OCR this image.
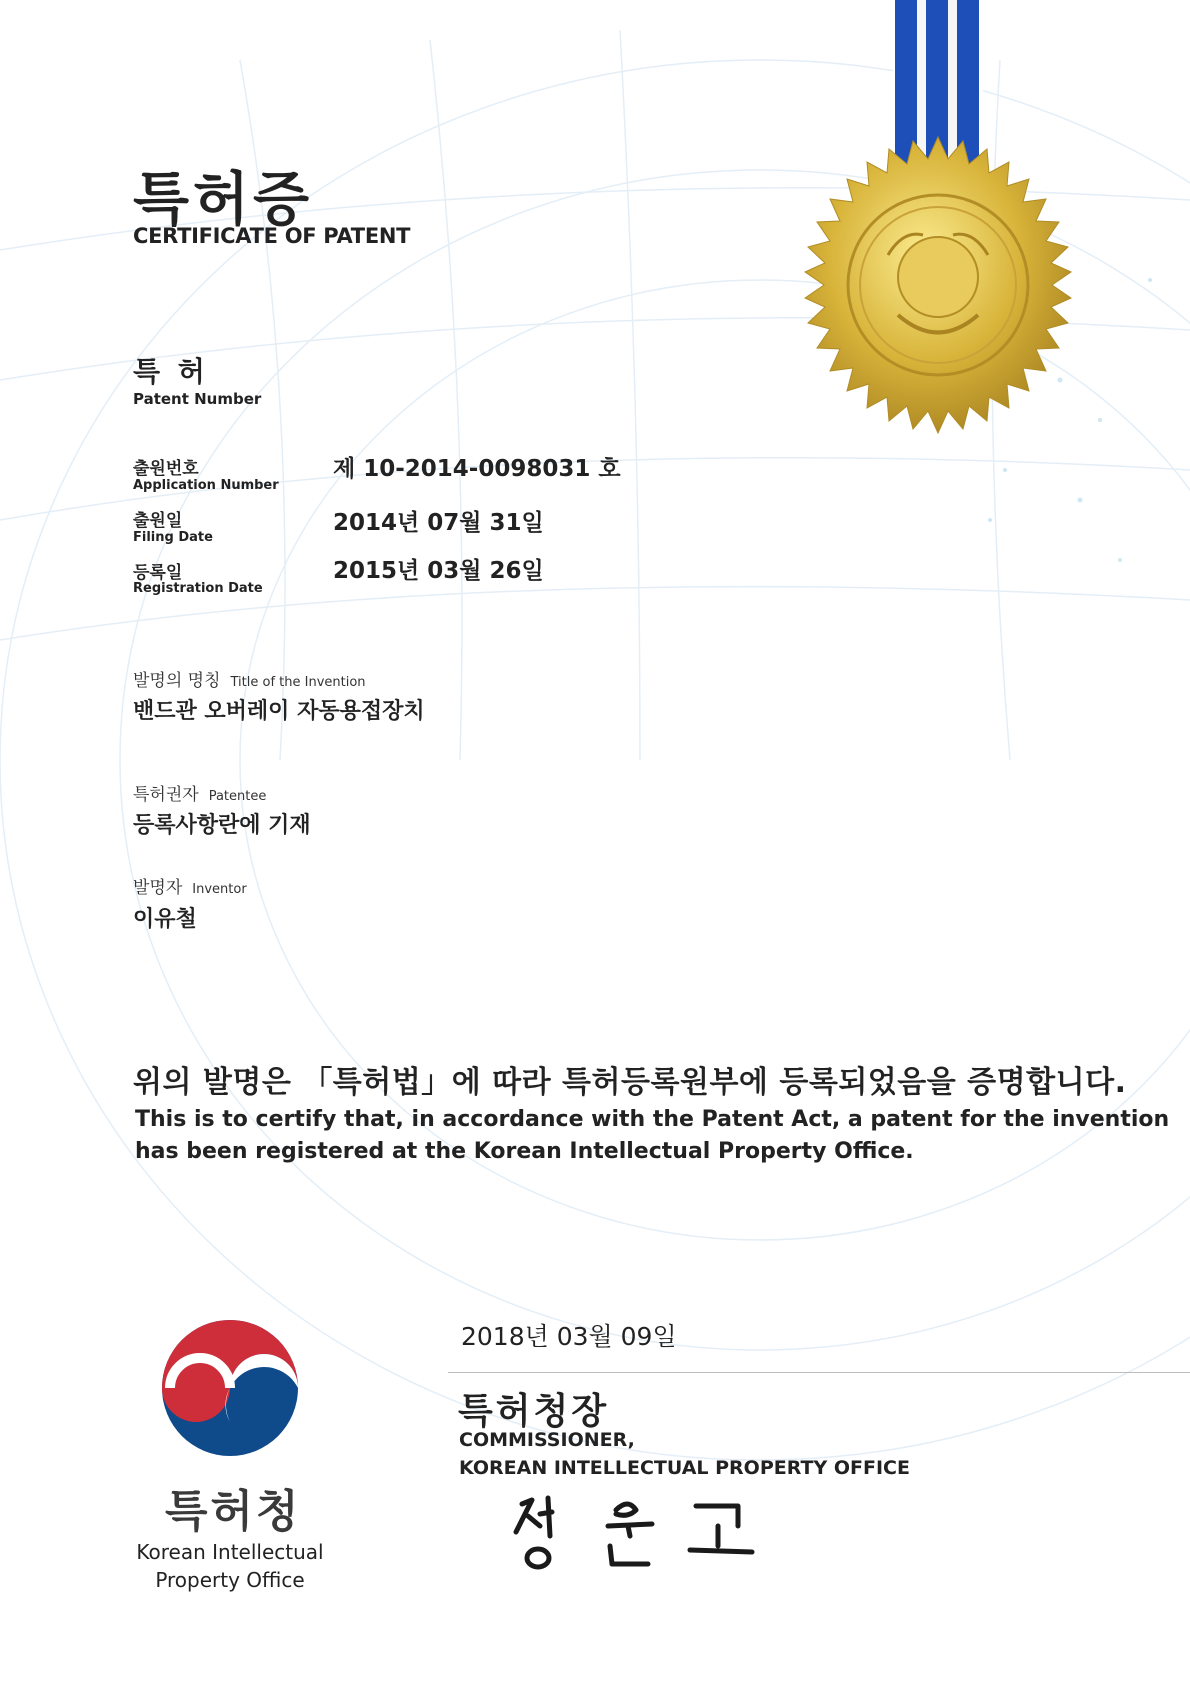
특허증
CERTIFICATE OF PATENT
특 허
Patent Number
출원번호
Application Number
제 10-2014-0098031 호
출원일
Filing Date
2014년 07월 31일
등록일
Registration Date
2015년 03월 26일
발명의 명칭 Title of the Invention
밴드관 오버레이 자동용접장치
특허권자 Patentee
등록사항란에 기재
발명자 Inventor
이유철
위의 발명은 「특허법」에 따라 특허등록원부에 등록되었음을 증명합니다.
This is to certify that, in accordance with the Patent Act, a patent for the invention
has been registered at the Korean Intellectual Property Office.
2018년 03월 09일
특허청장
COMMISSIONER,
KOREAN INTELLECTUAL PROPERTY OFFICE
특허청
Korean Intellectual
Property Office
